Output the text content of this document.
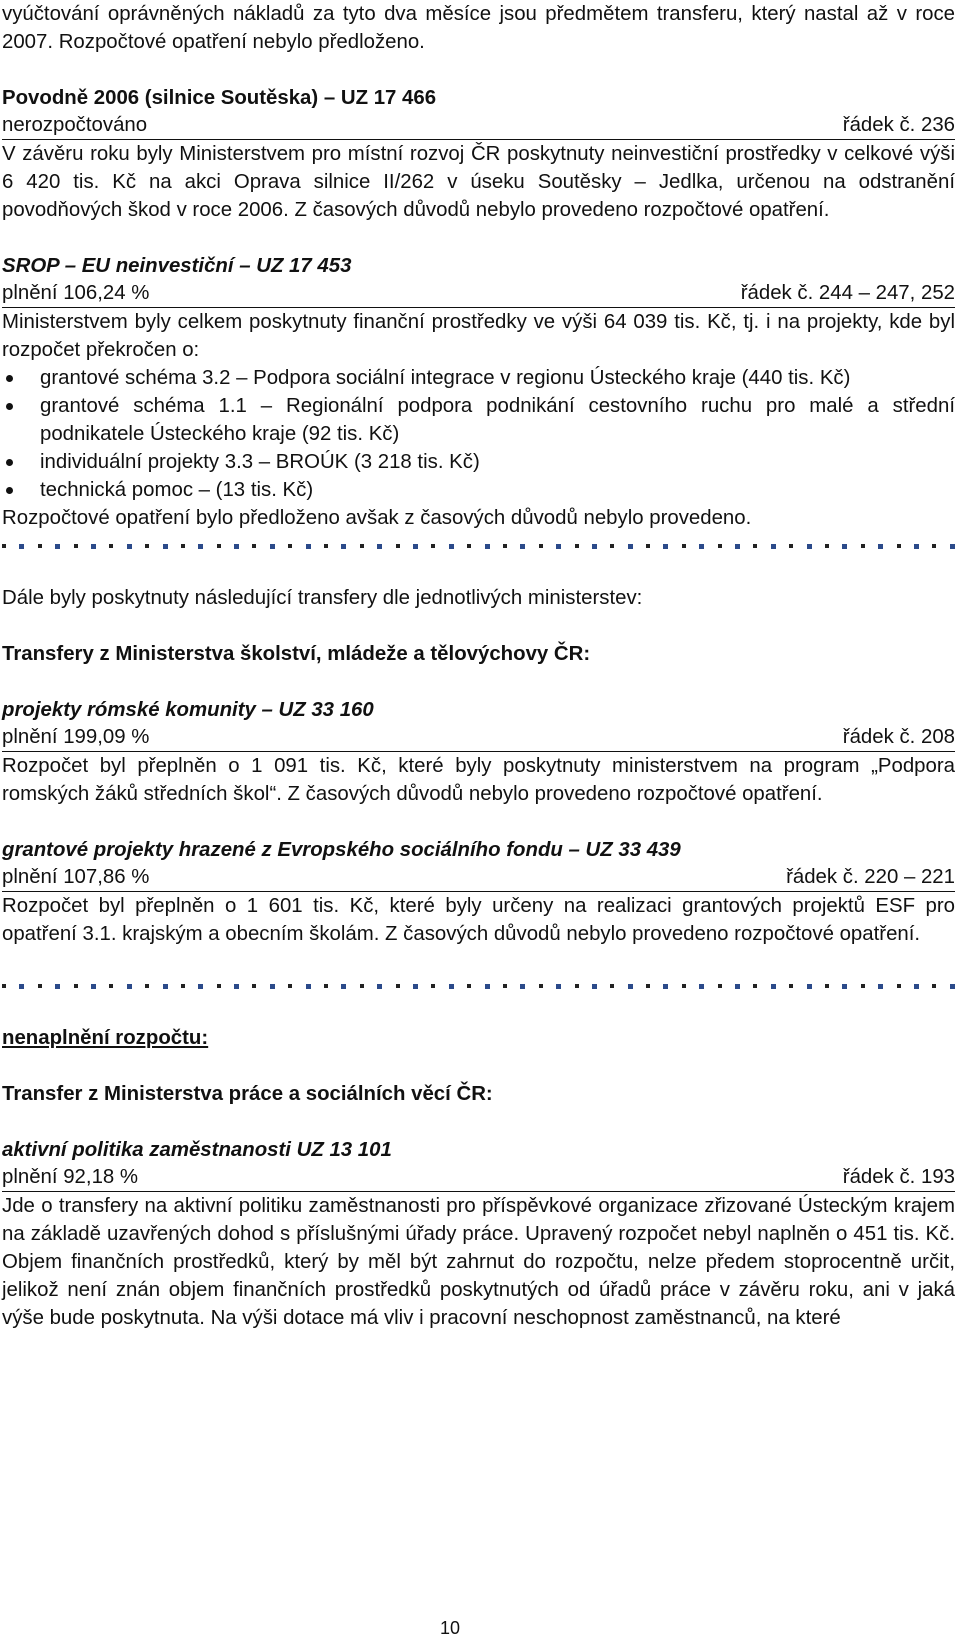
vyúčtování oprávněných nákladů za tyto dva měsíce jsou předmětem transferu, který nastal až v roce 2007. Rozpočtové opatření nebylo předloženo.

Povodně 2006 (silnice Soutěska) – UZ 17 466

nerozpočtováno	řádek č. 236

V závěru roku byly Ministerstvem pro místní rozvoj ČR poskytnuty neinvestiční prostředky v celkové výši 6 420 tis. Kč na akci Oprava silnice II/262 v úseku Soutěsky – Jedlka, určenou na odstranění povodňových škod v roce 2006. Z časových důvodů nebylo provedeno rozpočtové opatření.

SROP – EU neinvestiční – UZ 17 453

plnění 106,24 %	řádek č. 244 – 247, 252

Ministerstvem byly celkem poskytnuty finanční prostředky ve výši 64 039 tis. Kč, tj. i na projekty, kde byl rozpočet překročen o:

grantové schéma 3.2 – Podpora sociální integrace v regionu Ústeckého kraje (440 tis. Kč)
grantové schéma 1.1 – Regionální podpora podnikání cestovního ruchu pro malé a střední podnikatele Ústeckého kraje (92 tis. Kč)
individuální projekty 3.3 – BROÚK (3 218 tis. Kč)
technická pomoc – (13 tis. Kč)

Rozpočtové opatření bylo předloženo avšak z časových důvodů nebylo provedeno.

Dále byly poskytnuty následující transfery dle jednotlivých ministerstev:

Transfery z Ministerstva školství, mládeže a tělovýchovy ČR:

projekty rómské komunity – UZ 33 160

plnění 199,09 %	řádek č. 208

Rozpočet byl přeplněn o 1 091 tis. Kč, které byly poskytnuty ministerstvem na program „Podpora romských žáků středních škol“. Z časových důvodů nebylo provedeno rozpočtové opatření.

grantové projekty hrazené z Evropského sociálního fondu – UZ 33 439

plnění 107,86 %	řádek č. 220 – 221

Rozpočet byl přeplněn o 1 601 tis. Kč, které byly určeny na realizaci grantových projektů ESF pro opatření 3.1. krajským a obecním školám. Z časových důvodů nebylo provedeno rozpočtové opatření.

nenaplnění rozpočtu:

Transfer z Ministerstva práce a sociálních věcí ČR:

aktivní politika zaměstnanosti UZ 13 101

plnění 92,18 %	řádek č. 193

Jde o transfery na aktivní politiku zaměstnanosti pro příspěvkové organizace zřizované Ústeckým krajem na základě uzavřených dohod s příslušnými úřady práce. Upravený rozpočet nebyl naplněn o 451 tis. Kč. Objem finančních prostředků, který by měl být zahrnut do rozpočtu, nelze předem stoprocentně určit, jelikož není znán objem finančních prostředků poskytnutých od úřadů práce v závěru roku, ani v jaká výše bude poskytnuta. Na výši dotace má vliv i pracovní neschopnost zaměstnanců, na které

10
